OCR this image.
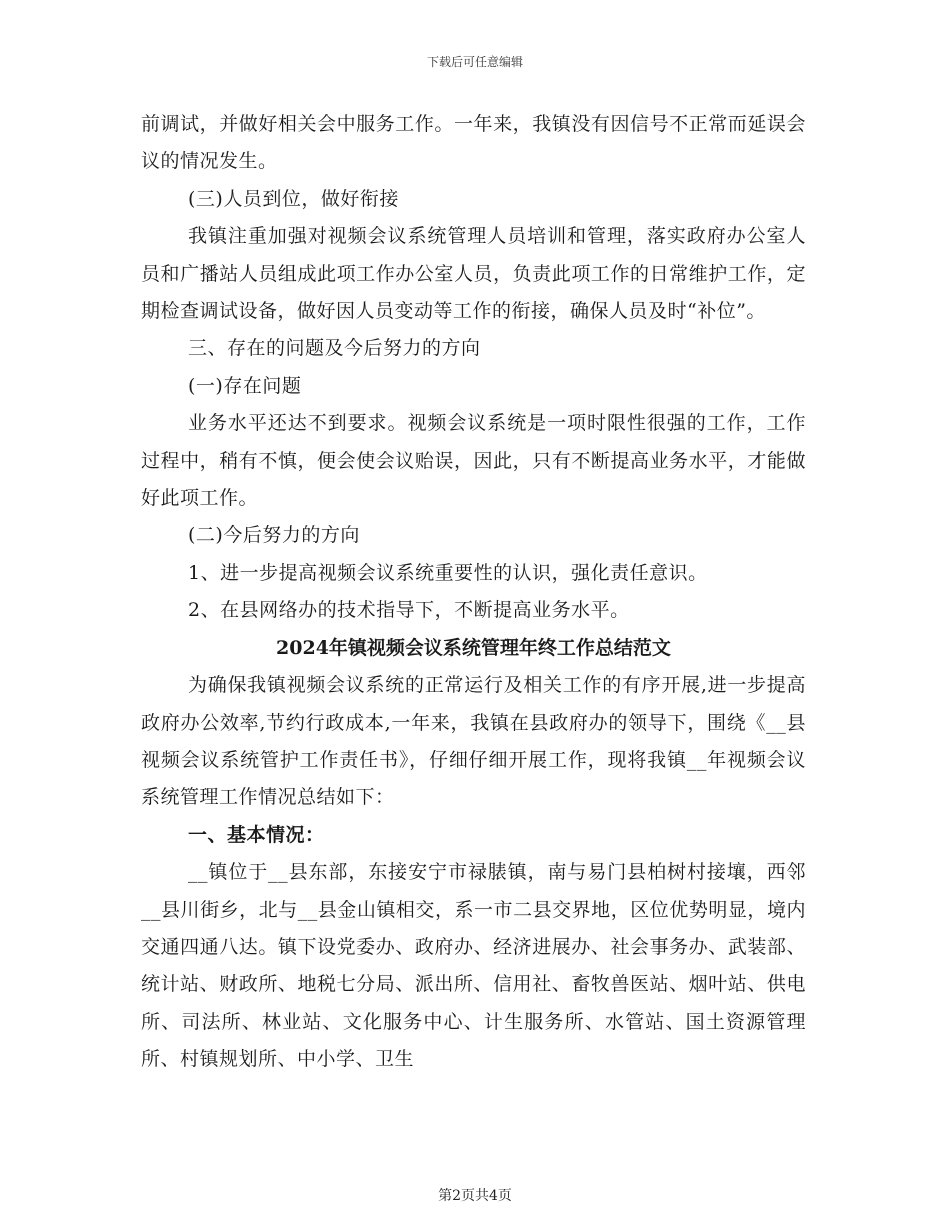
下载后可任意编辑

前调试，并做好相关会中服务工作。一年来，我镇没有因信号不正常而延误会议的情况发生。

(三)人员到位，做好衔接

我镇注重加强对视频会议系统管理人员培训和管理，落实政府办公室人员和广播站人员组成此项工作办公室人员，负责此项工作的日常维护工作，定期检查调试设备，做好因人员变动等工作的衔接，确保人员及时“补位”。

三、存在的问题及今后努力的方向

(一)存在问题

业务水平还达不到要求。视频会议系统是一项时限性很强的工作，工作过程中，稍有不慎，便会使会议贻误，因此，只有不断提高业务水平，才能做好此项工作。

(二)今后努力的方向

1、进一步提高视频会议系统重要性的认识，强化责任意识。

2、在县网络办的技术指导下，不断提高业务水平。

2024年镇视频会议系统管理年终工作总结范文

为确保我镇视频会议系统的正常运行及相关工作的有序开展,进一步提高政府办公效率,节约行政成本,一年来，我镇在县政府办的领导下，围绕《__县视频会议系统管护工作责任书》，仔细仔细开展工作，现将我镇__年视频会议系统管理工作情况总结如下：

一、基本情况：

__镇位于__县东部，东接安宁市禄脿镇，南与易门县柏树村接壤，西邻__县川街乡，北与__县金山镇相交，系一市二县交界地，区位优势明显，境内交通四通八达。镇下设党委办、政府办、经济进展办、社会事务办、武装部、统计站、财政所、地税七分局、派出所、信用社、畜牧兽医站、烟叶站、供电所、司法所、林业站、文化服务中心、计生服务所、水管站、国土资源管理所、村镇规划所、中小学、卫生

第2页共4页
